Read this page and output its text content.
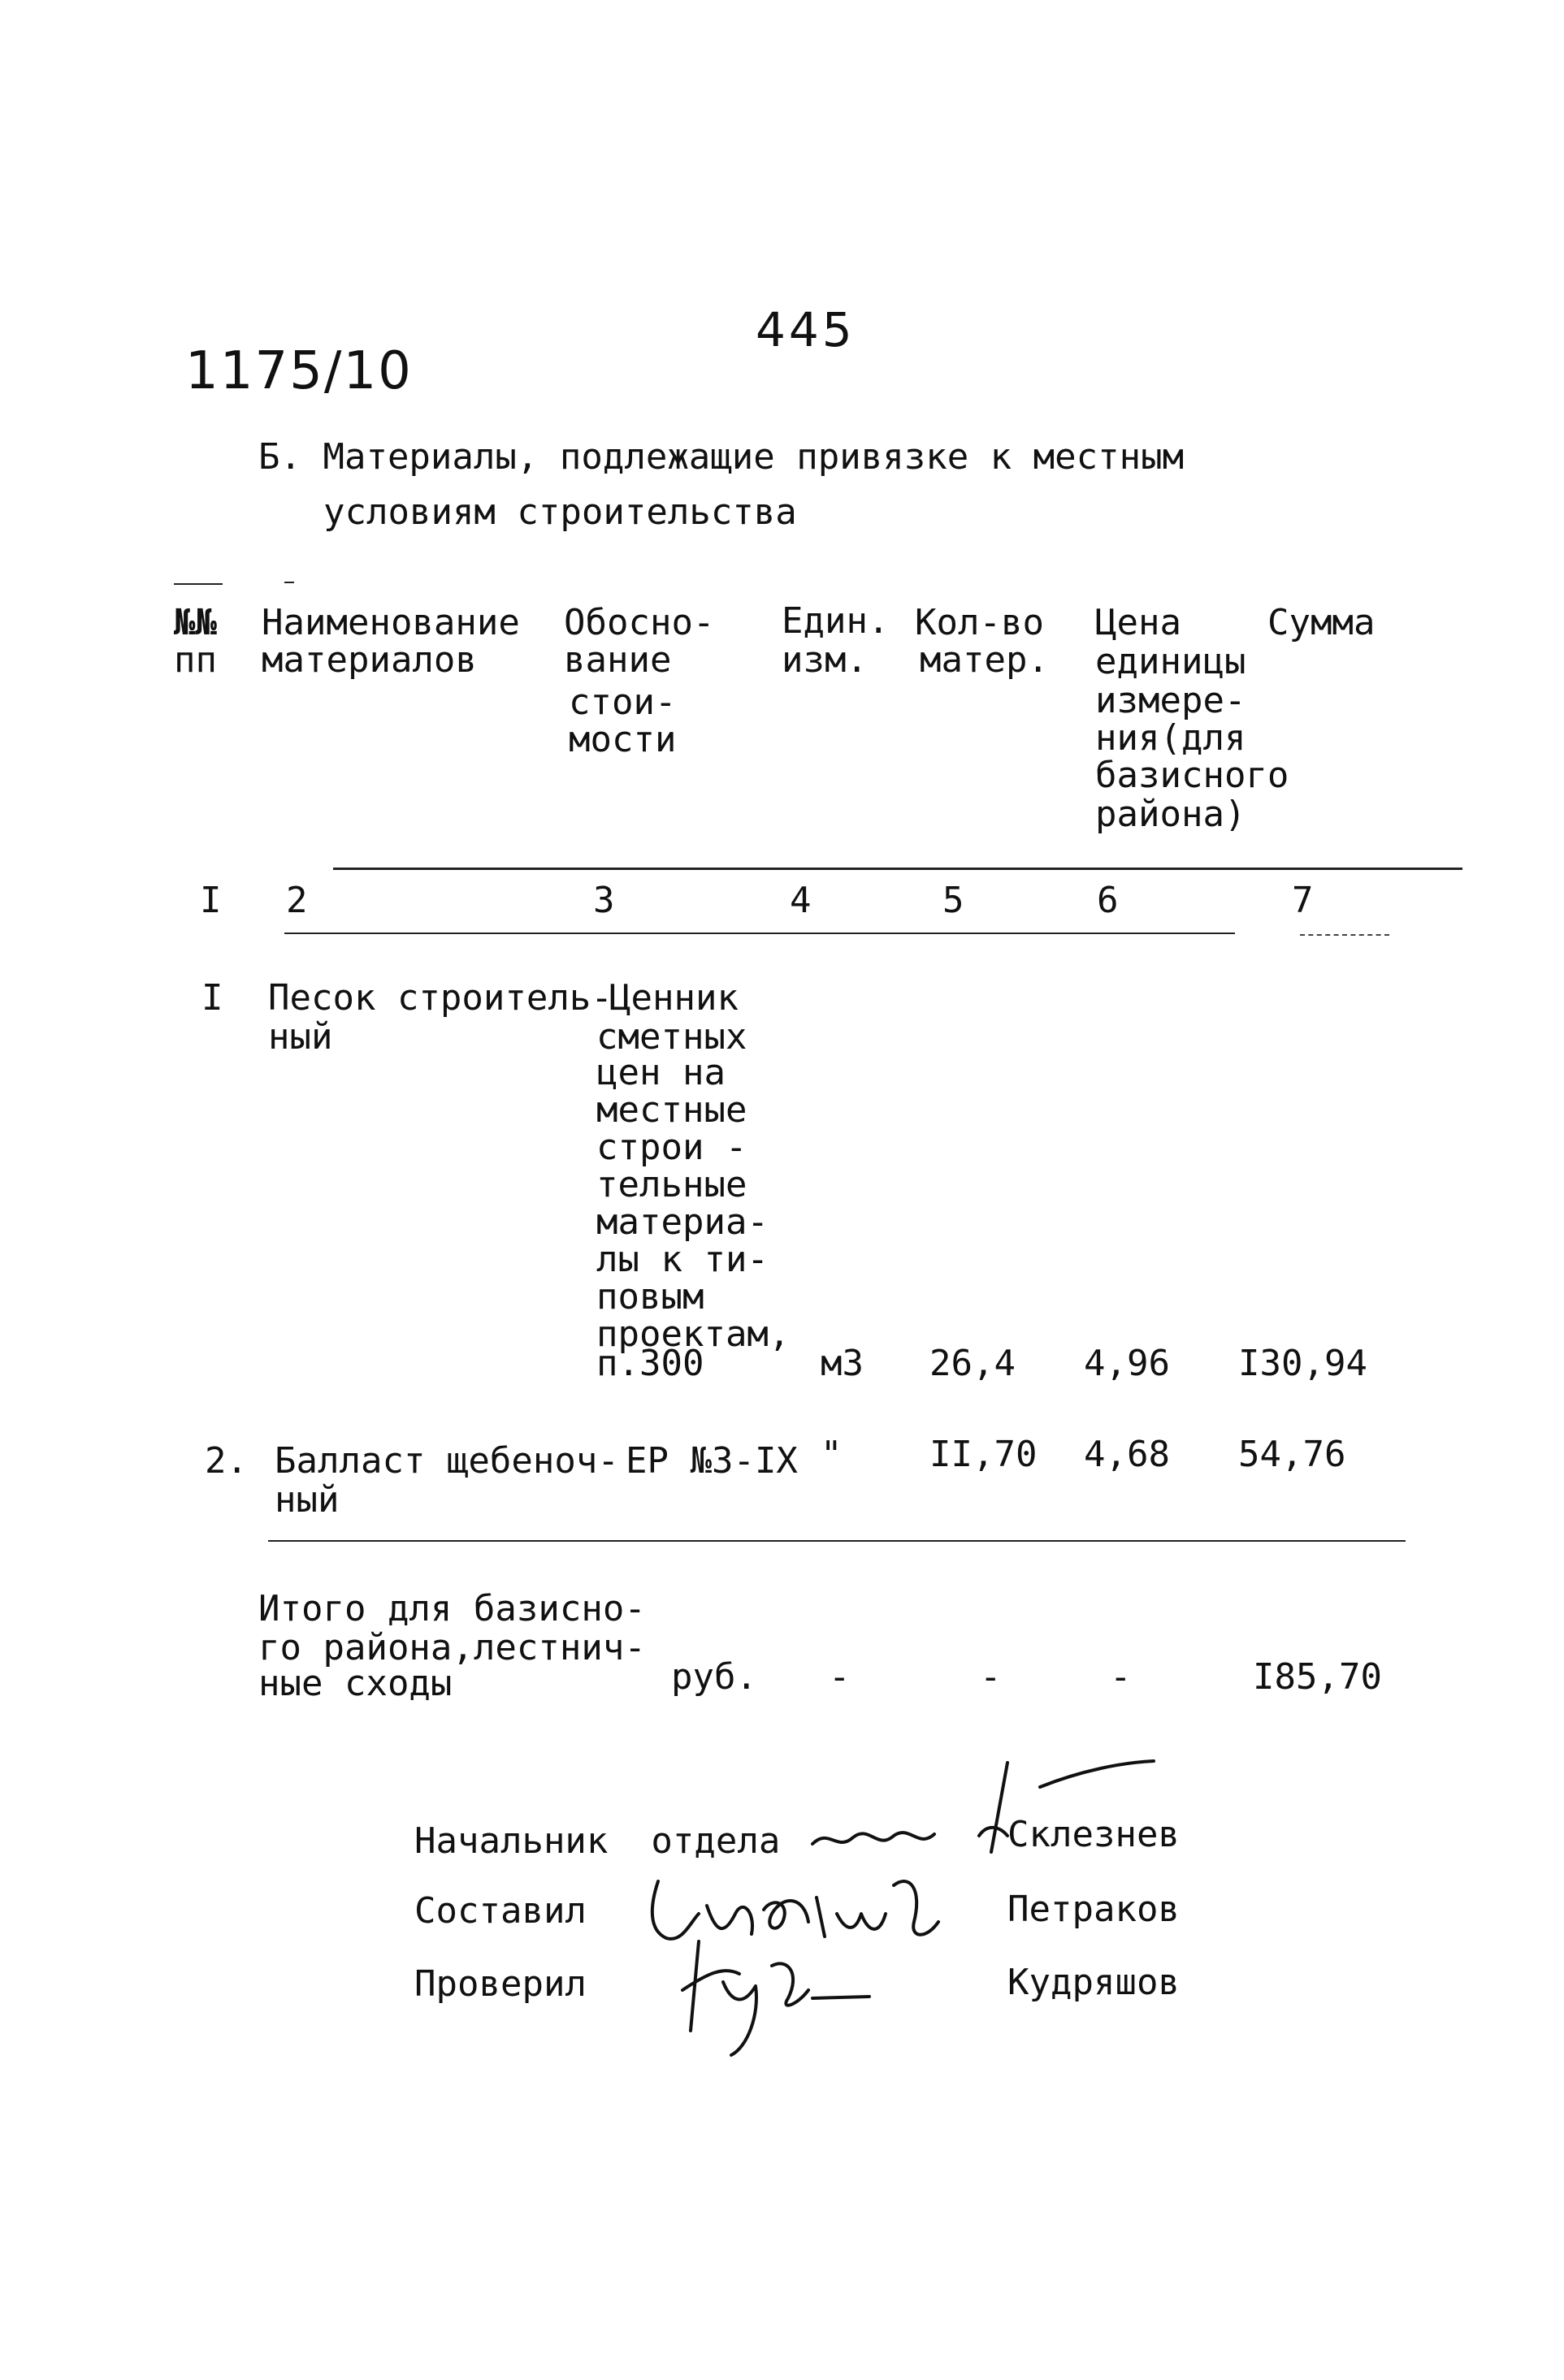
1175/10
445
Б. Материалы, подлежащие привязке к местным
условиям строительства
№№
пп
Наименование
материалов
Обосно-
вание
стои-
мости
Един.
изм.
Кол-во
матер.
Цена
единицы
измере-
ния(для
базисного
района)
Сумма
I 2	3	4	5	6	7
I Песок строитель-
ный
Ценник
сметных
цен на
местные
строи -
тельные
материа-
лы к ти-
повым
проектам,
п.300	м3 26,4 4,96 I30,94
2. Балласт щебеноч-
ный
ЕР №3-IX " II,70 4,68 54,76
Итого для базисно-
го района,лестнич-
ные сходы	руб. -	-	-	I85,70
Начальник  отдела	Склезнев
Составил	Петраков
Проверил	Кудряшов
